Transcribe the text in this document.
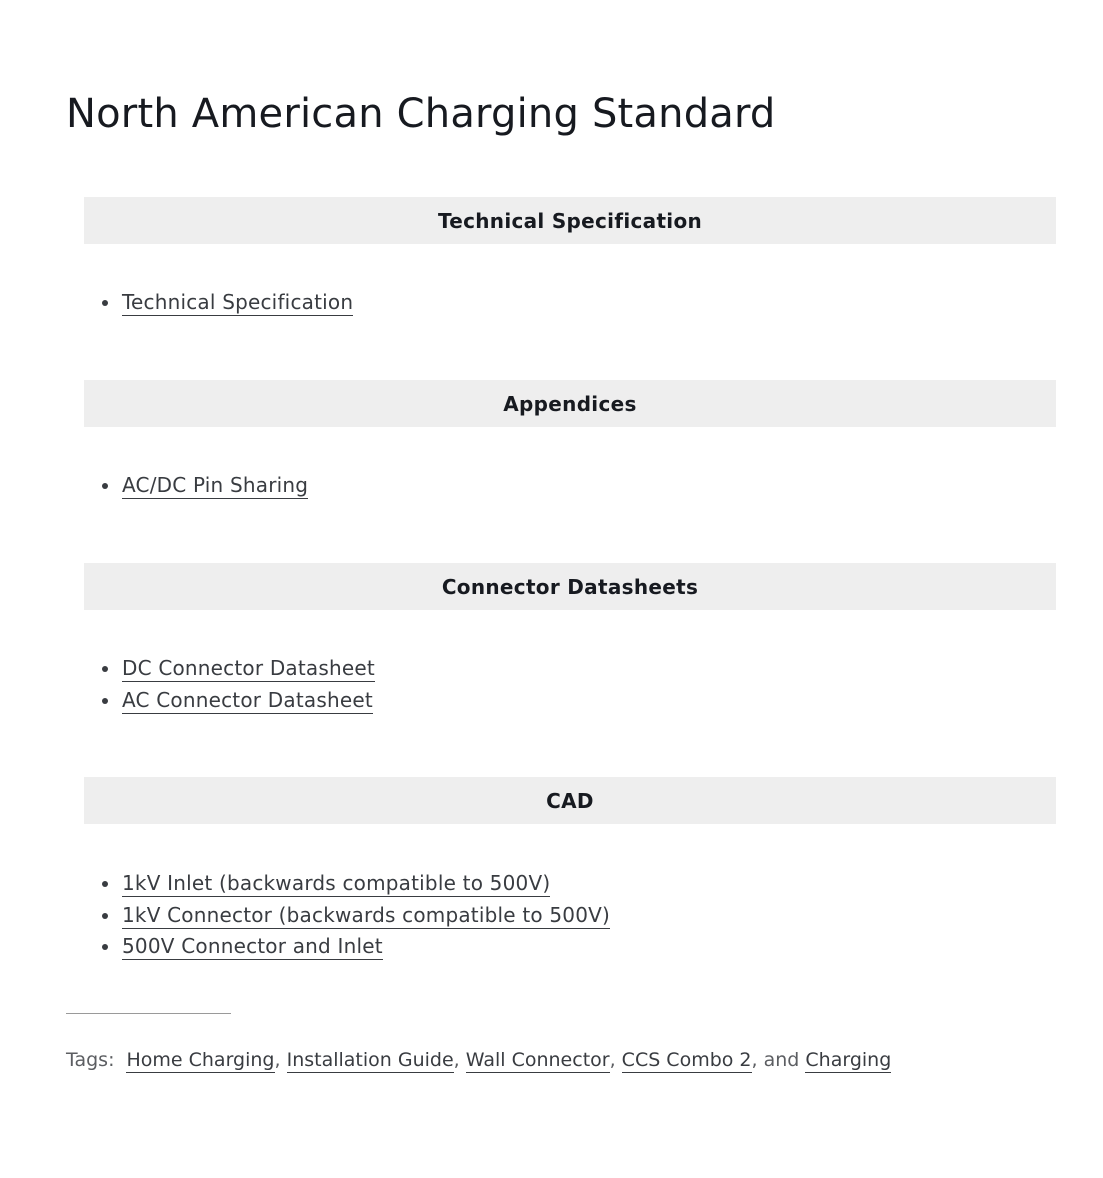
North American Charging Standard
Technical Specification
Technical Specification
Appendices
AC/DC Pin Sharing
Connector Datasheets
DC Connector Datasheet
AC Connector Datasheet
CAD
1kV Inlet (backwards compatible to 500V)
1kV Connector (backwards compatible to 500V)
500V Connector and Inlet
Tags: Home Charging, Installation Guide, Wall Connector, CCS Combo 2, and Charging
